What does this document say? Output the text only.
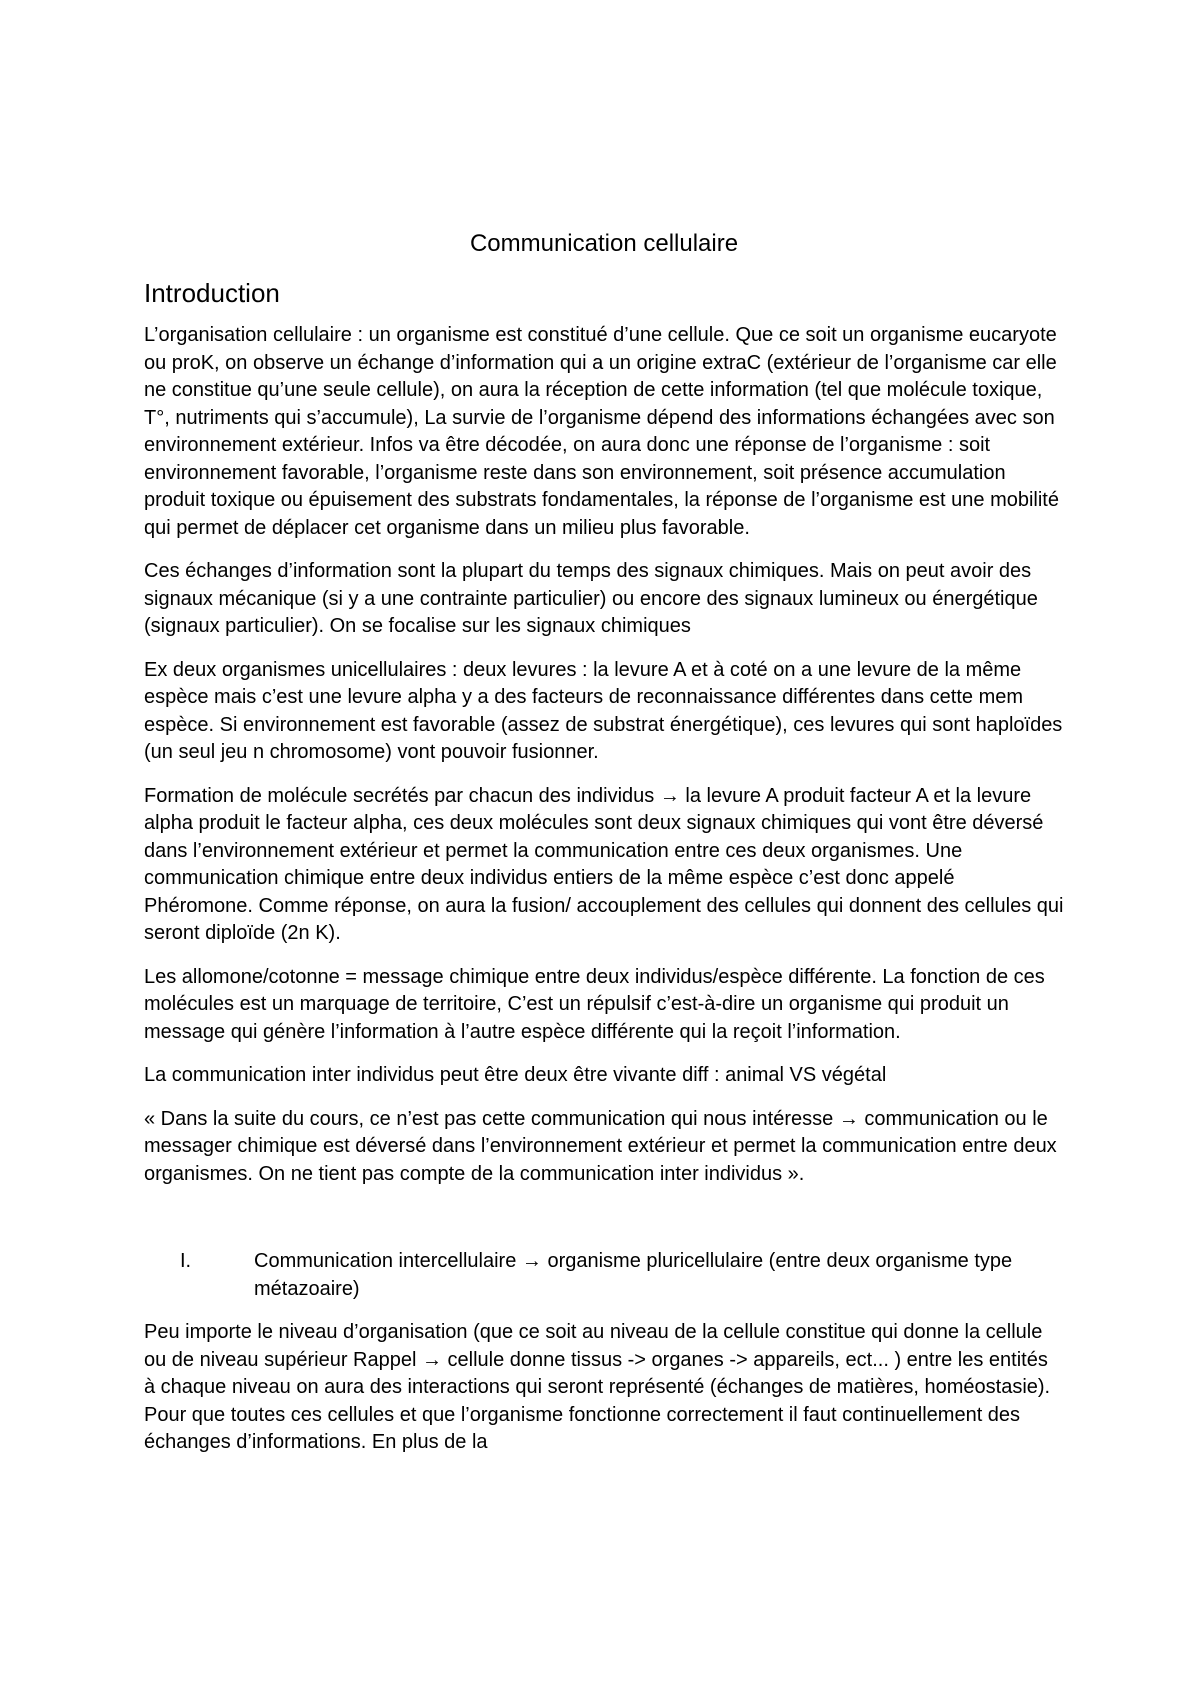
Communication cellulaire
Introduction

L’organisation cellulaire : un organisme est constitué d’une cellule. Que ce soit un organisme eucaryote ou proK, on observe un échange d’information qui a un origine extraC (extérieur de l’organisme car elle ne constitue qu’une seule cellule), on aura la réception de cette information (tel que molécule toxique, T°, nutriments qui s’accumule), La survie de l’organisme dépend des informations échangées avec son environnement extérieur. Infos va être décodée, on aura donc une réponse de l’organisme : soit environnement favorable, l’organisme reste dans son environnement, soit présence accumulation produit toxique ou épuisement des substrats fondamentales, la réponse de l’organisme est une mobilité qui permet de déplacer cet organisme dans un milieu plus favorable.

Ces échanges d’information sont la plupart du temps des signaux chimiques. Mais on peut avoir des signaux mécanique (si y a une contrainte particulier) ou encore des signaux lumineux ou énergétique (signaux particulier). On se focalise sur les signaux chimiques

Ex deux organismes unicellulaires : deux levures : la levure A et à coté on a une levure de la même espèce mais c’est une levure alpha y a des facteurs de reconnaissance différentes dans cette mem espèce. Si environnement est favorable (assez de substrat énergétique), ces levures qui sont haploïdes (un seul jeu n chromosome) vont pouvoir fusionner.

Formation de molécule secrétés par chacun des individus → la levure A produit facteur A et la levure alpha produit le facteur alpha, ces deux molécules sont deux signaux chimiques qui vont être déversé dans l’environnement extérieur et permet la communication entre ces deux organismes. Une communication chimique entre deux individus entiers de la même espèce c’est donc appelé Phéromone. Comme réponse, on aura la fusion/ accouplement des cellules qui donnent des cellules qui seront diploïde (2n K).

Les allomone/cotonne = message chimique entre deux individus/espèce différente. La fonction de ces molécules est un marquage de territoire, C’est un répulsif c’est-à-dire un organisme qui produit un message qui génère l’information à l’autre espèce différente qui la reçoit l’information.

La communication inter individus peut être deux être vivante diff : animal VS végétal

« Dans la suite du cours, ce n’est pas cette communication qui nous intéresse → communication ou le messager chimique est déversé dans l’environnement extérieur et permet la communication entre deux organismes. On ne tient pas compte de la communication inter individus ».

I.	Communication intercellulaire → organisme pluricellulaire (entre deux organisme type métazoaire)

Peu importe le niveau d’organisation (que ce soit au niveau de la cellule constitue qui donne la cellule ou de niveau supérieur Rappel → cellule donne tissus -> organes -> appareils, ect... ) entre les entités à chaque niveau on aura des interactions qui seront représenté (échanges de matières, homéostasie). Pour que toutes ces cellules et que l’organisme fonctionne correctement il faut continuellement des échanges d’informations. En plus de la
